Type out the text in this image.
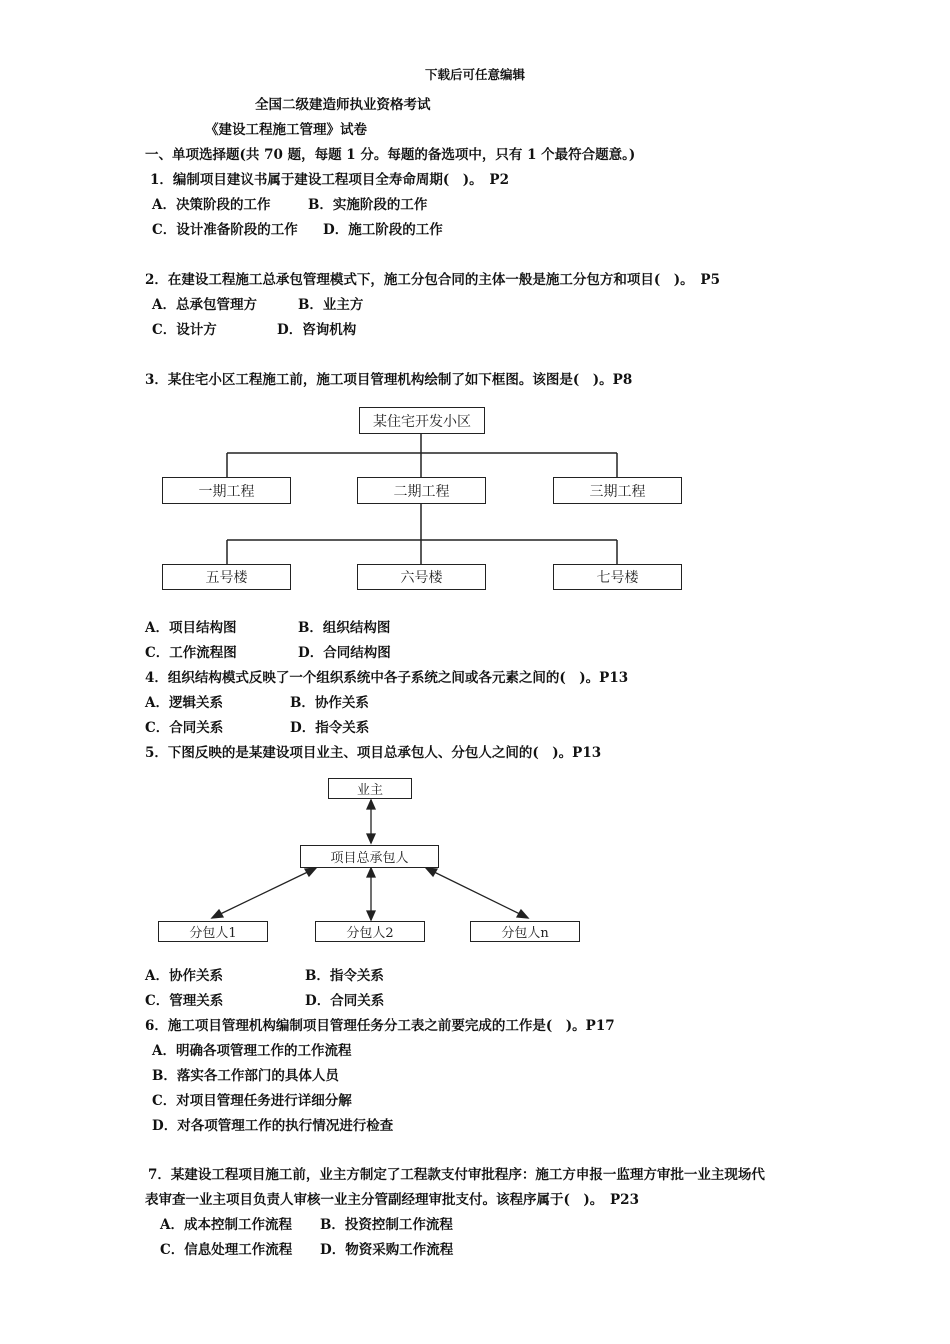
下载后可任意编辑
全国二级建造师执业资格考试
《建设工程施工管理》试卷
一、单项选择题(共 70 题，每题 1 分。每题的备选项中，只有 1 个最符合题意。)
1．编制项目建议书属于建设工程项目全寿命周期(　)。　P2
A．决策阶段的工作	B．实施阶段的工作
C．设计准备阶段的工作 D．施工阶段的工作
2．在建设工程施工总承包管理模式下，施工分包合同的主体一般是施工分包方和项目(　)。　P5
A．总承包管理方	B．业主方
C．设计方	D．咨询机构
3．某住宅小区工程施工前，施工项目管理机构绘制了如下框图。该图是(　)。P8
某住宅开发小区
一期工程	二期工程	三期工程
五号楼	六号楼	七号楼
A．项目结构图	B．组织结构图
C．工作流程图	D．合同结构图
4．组织结构模式反映了一个组织系统中各子系统之间或各元素之间的(　)。P13
A．逻辑关系	B．协作关系
C．合同关系	D．指令关系
5．下图反映的是某建设项目业主、项目总承包人、分包人之间的(　)。P13
业主
项目总承包人
分包人1	分包人2	分包人n
A．协作关系	B．指令关系
C．管理关系	D．合同关系
6．施工项目管理机构编制项目管理任务分工表之前要完成的工作是(　)。P17
A．明确各项管理工作的工作流程
B．落实各工作部门的具体人员
C．对项目管理任务进行详细分解
D．对各项管理工作的执行情况进行检查
7．某建设工程项目施工前，业主方制定了工程款支付审批程序：施工方申报一监理方审批一业主现场代
表审查一业主项目负责人审核一业主分管副经理审批支付。该程序属于(　)。　P23
A．成本控制工作流程 B．投资控制工作流程
C．信息处理工作流程 D．物资采购工作流程
